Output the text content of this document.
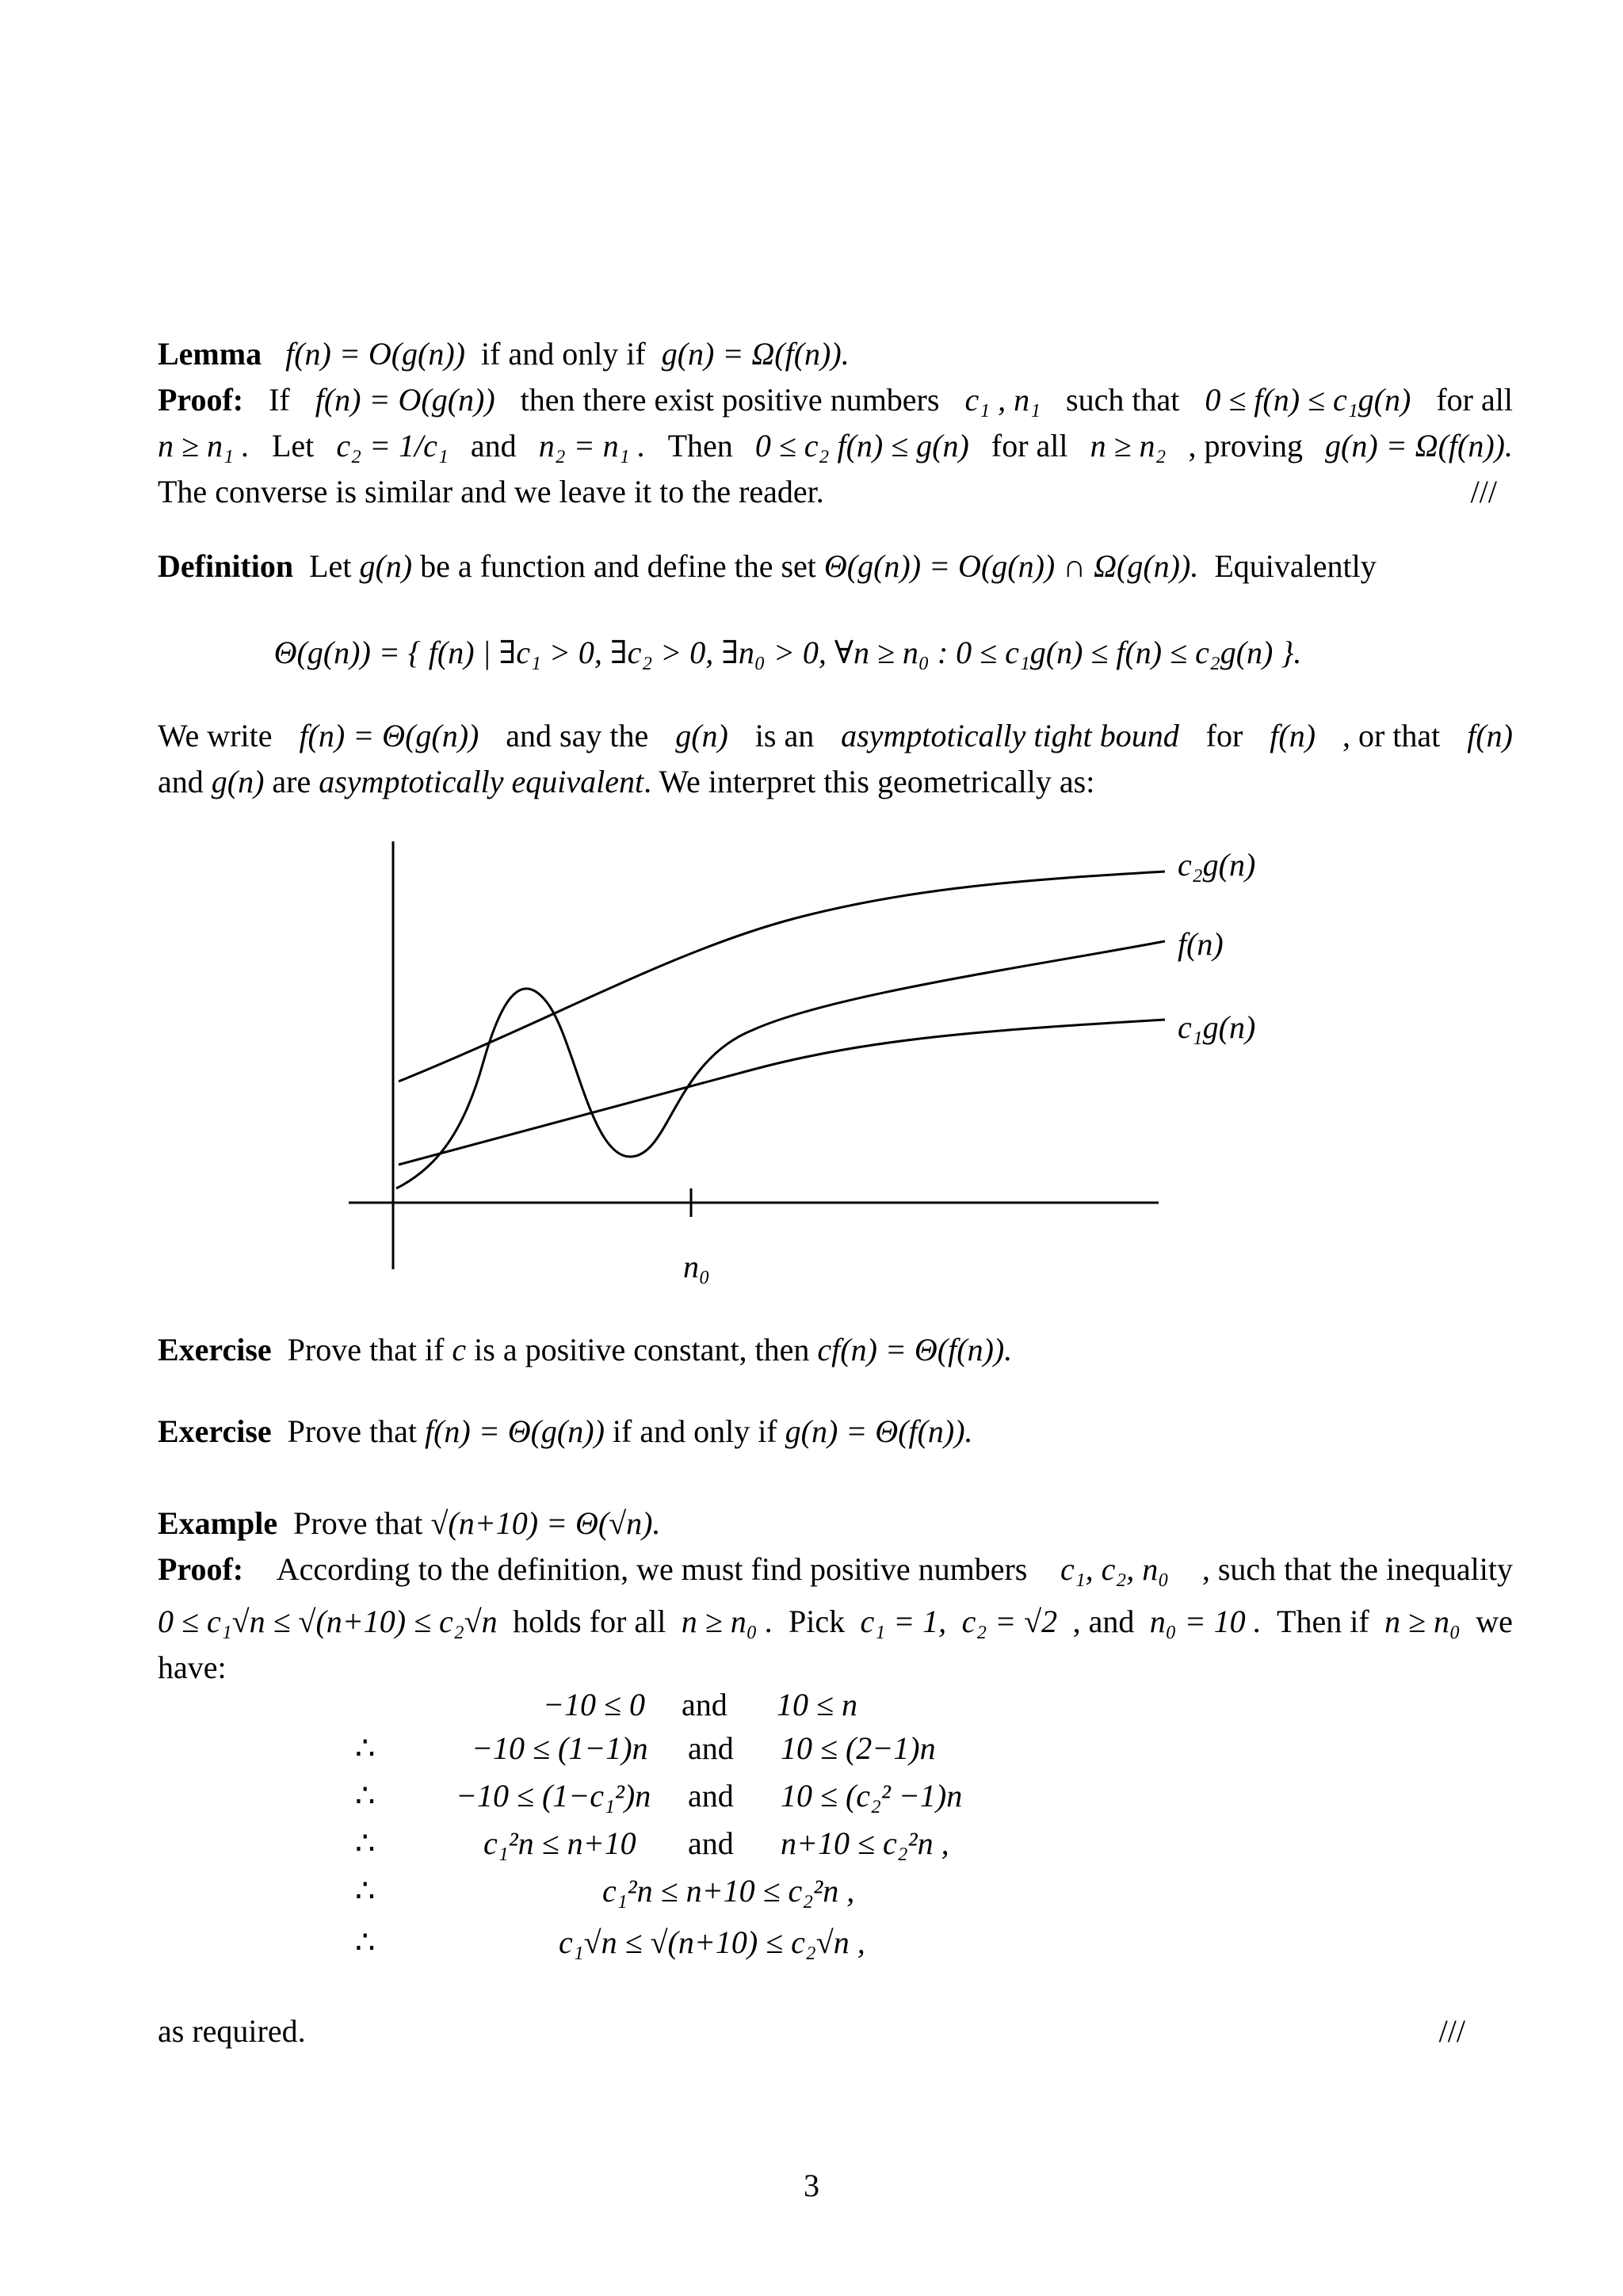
Lemma f(n) = O(g(n)) if and only if g(n) = Ω(f(n)).
Proof: If f(n) = O(g(n)) then there exist positive numbers c₁ , n₁ such that 0 ≤ f(n) ≤ c₁g(n) for all
n ≥ n₁ . Let c₂ = 1/c₁ and n₂ = n₁ . Then 0 ≤ c₂ f(n) ≤ g(n) for all n ≥ n₂ , proving g(n) = Ω(f(n)).
The converse is similar and we leave it to the reader.	///
Definition Let g(n) be a function and define the set Θ(g(n)) = O(g(n)) ∩ Ω(g(n)). Equivalently
Θ(g(n)) = { f(n) | ∃c₁ > 0, ∃c₂ > 0, ∃n₀ > 0, ∀n ≥ n₀ : 0 ≤ c₁g(n) ≤ f(n) ≤ c₂g(n) }.
We write f(n) = Θ(g(n)) and say the g(n) is an asymptotically tight bound for f(n) , or that f(n)
and g(n) are asymptotically equivalent. We interpret this geometrically as:
c₂g(n)
f(n)
c₁g(n)
n₀
Exercise Prove that if c is a positive constant, then cf(n) = Θ(f(n)).
Exercise Prove that f(n) = Θ(g(n)) if and only if g(n) = Θ(f(n)).
Example Prove that √(n+10) = Θ(√n).
Proof: According to the definition, we must find positive numbers c₁, c₂, n₀ , such that the inequality
0 ≤ c₁√n ≤ √(n+10) ≤ c₂√n holds for all n ≥ n₀ . Pick c₁ = 1, c₂ = √2 , and n₀ = 10 . Then if n ≥ n₀ we
have:
−10 ≤ 0 and 10 ≤ n
∴	−10 ≤ (1−1)n and 10 ≤ (2−1)n
∴	−10 ≤ (1−c₁²)n and 10 ≤ (c₂² −1)n
∴	c₁²n ≤ n+10 and n+10 ≤ c₂²n ,
∴	c₁²n ≤ n+10 ≤ c₂²n ,
∴	c₁√n ≤ √(n+10) ≤ c₂√n ,
as required.	///
3
